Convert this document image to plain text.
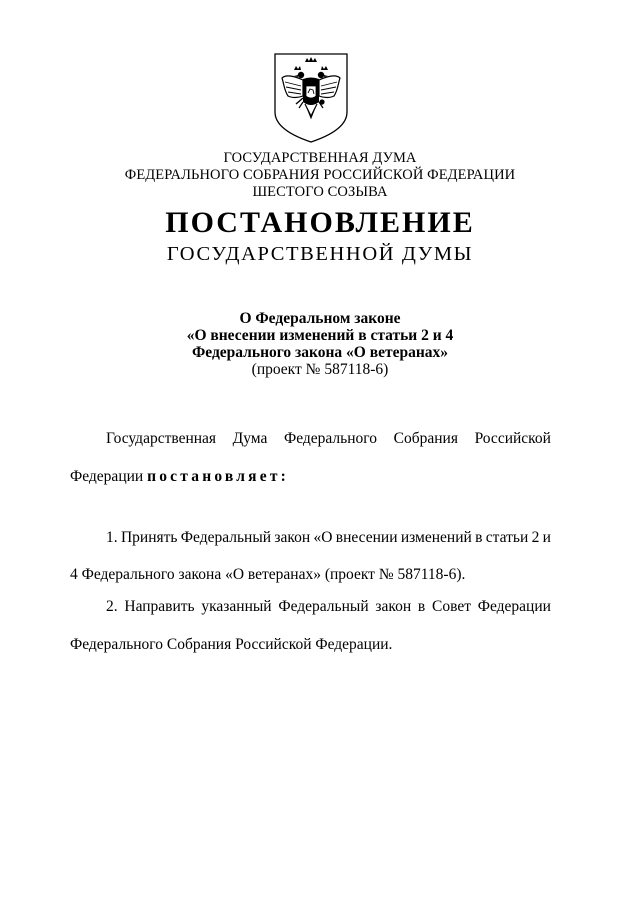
ГОСУДАРСТВЕННАЯ ДУМА
ФЕДЕРАЛЬНОГО СОБРАНИЯ РОССИЙСКОЙ ФЕДЕРАЦИИ
ШЕСТОГО СОЗЫВА
ПОСТАНОВЛЕНИЕ
ГОСУДАРСТВЕННОЙ ДУМЫ
О Федеральном законе
«О внесении изменений в статьи 2 и 4
Федерального закона «О ветеранах»
(проект № 587118-6)
Государственная Дума Федерального Собрания Российской
Федерации постановляет:
1. Принять Федеральный закон «О внесении изменений в статьи 2 и
4 Федерального закона «О ветеранах» (проект № 587118-6).
2. Направить указанный Федеральный закон в Совет Федерации
Федерального Собрания Российской Федерации.
